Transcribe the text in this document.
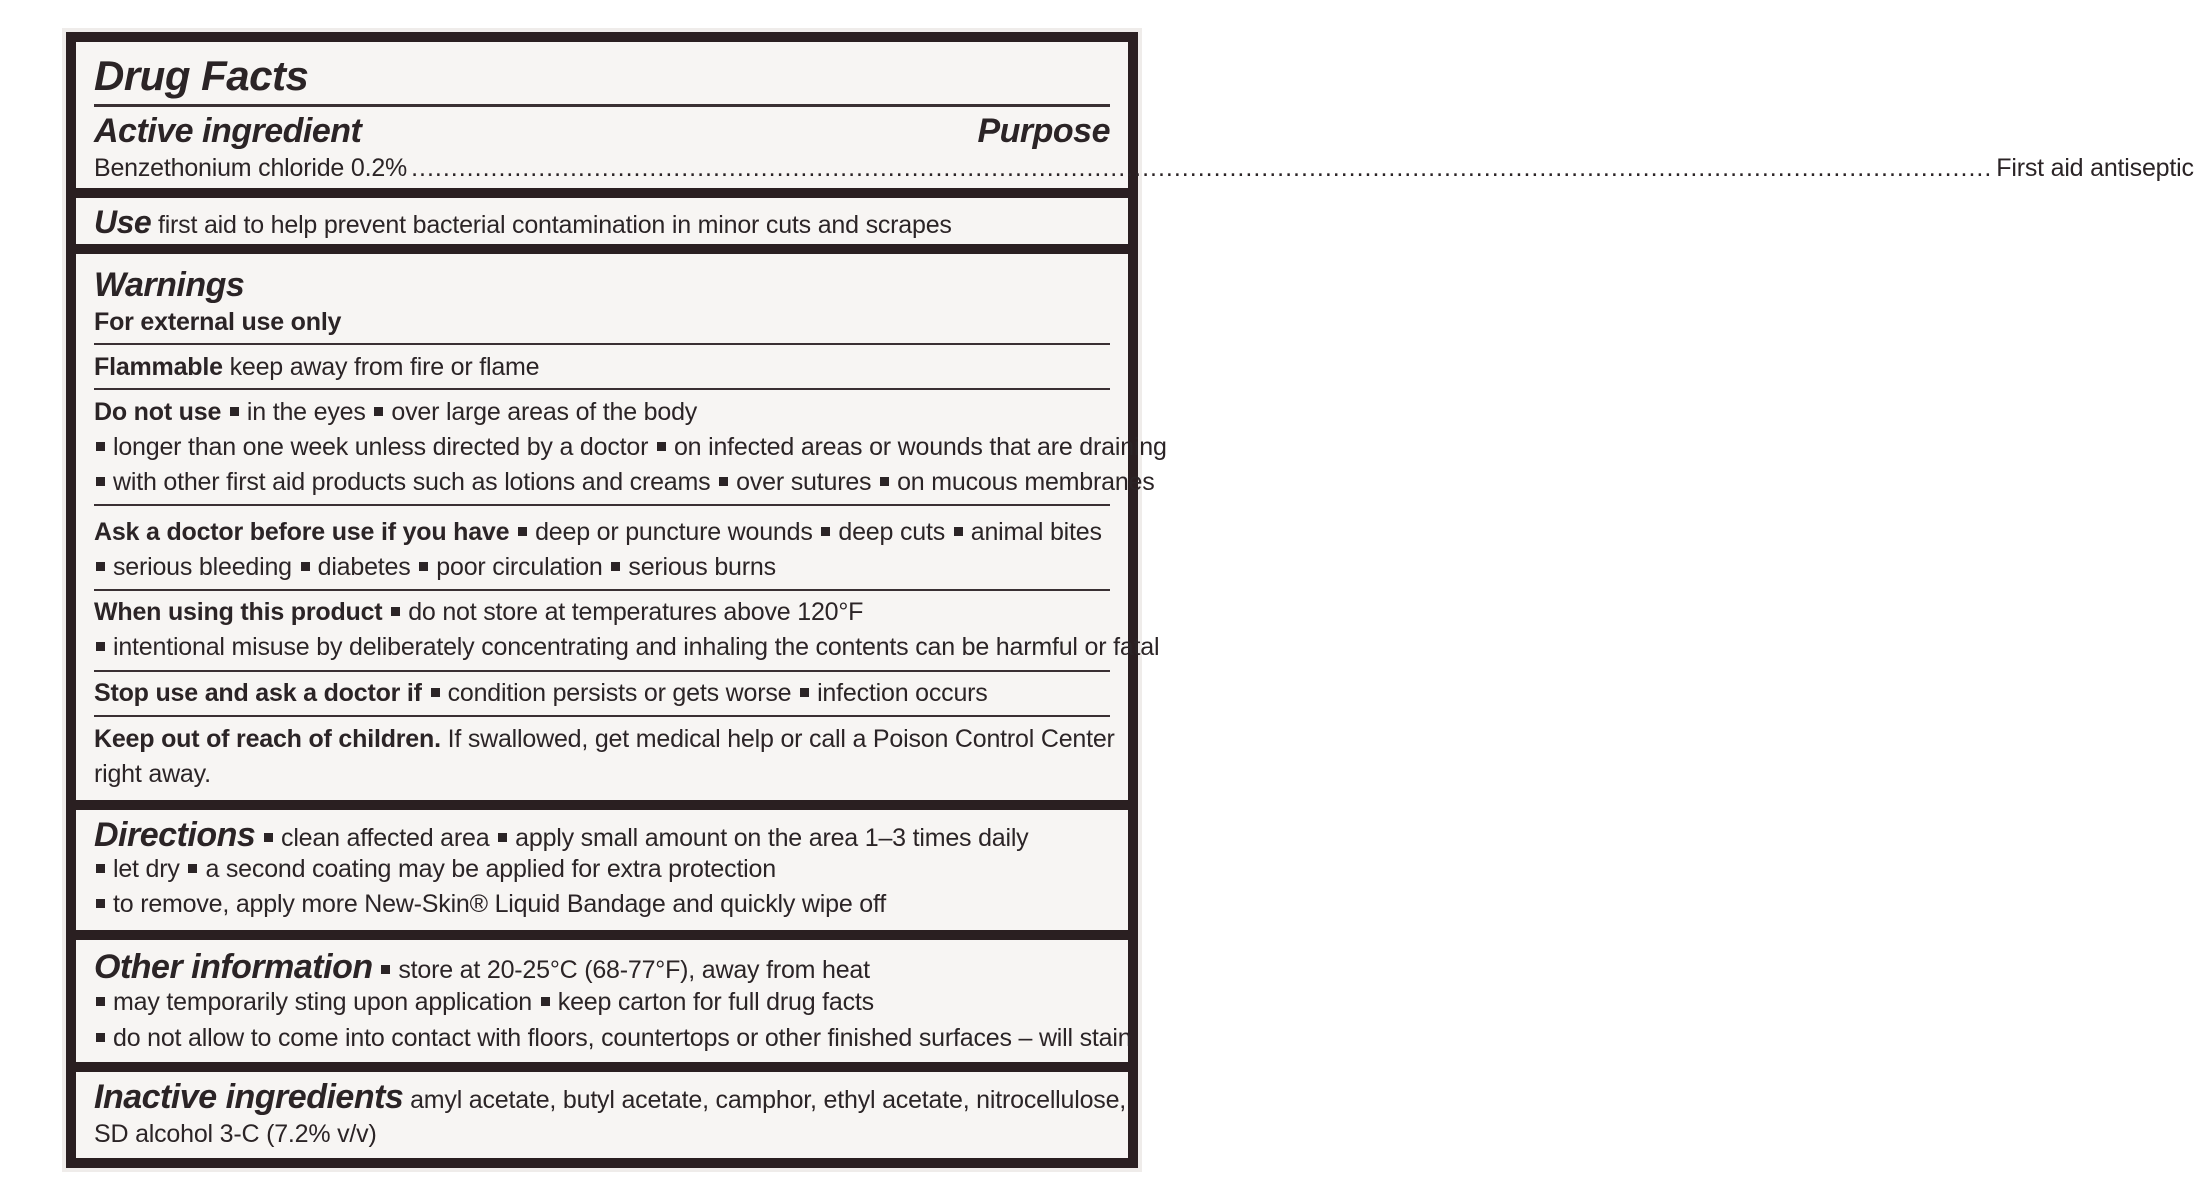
Drug Facts
Active ingredient	Purpose
Benzethonium chloride 0.2% ....................................................................................................................................................................................................... First aid antiseptic
Use first aid to help prevent bacterial contamination in minor cuts and scrapes
Warnings
For external use only
Flammable keep away from fire or flame
Do not use in the eyes over large areas of the body
longer than one week unless directed by a doctor on infected areas or wounds that are draining
with other first aid products such as lotions and creams over sutures on mucous membranes
Ask a doctor before use if you have deep or puncture wounds deep cuts animal bites
serious bleeding diabetes poor circulation serious burns
When using this product do not store at temperatures above 120°F
intentional misuse by deliberately concentrating and inhaling the contents can be harmful or fatal
Stop use and ask a doctor if condition persists or gets worse infection occurs
Keep out of reach of children. If swallowed, get medical help or call a Poison Control Center
right away.
Directions clean affected area apply small amount on the area 1–3 times daily
let dry a second coating may be applied for extra protection
to remove, apply more New-Skin® Liquid Bandage and quickly wipe off
Other information store at 20-25°C (68-77°F), away from heat
may temporarily sting upon application keep carton for full drug facts
do not allow to come into contact with floors, countertops or other finished surfaces – will stain
Inactive ingredients amyl acetate, butyl acetate, camphor, ethyl acetate, nitrocellulose,
SD alcohol 3-C (7.2% v/v)
